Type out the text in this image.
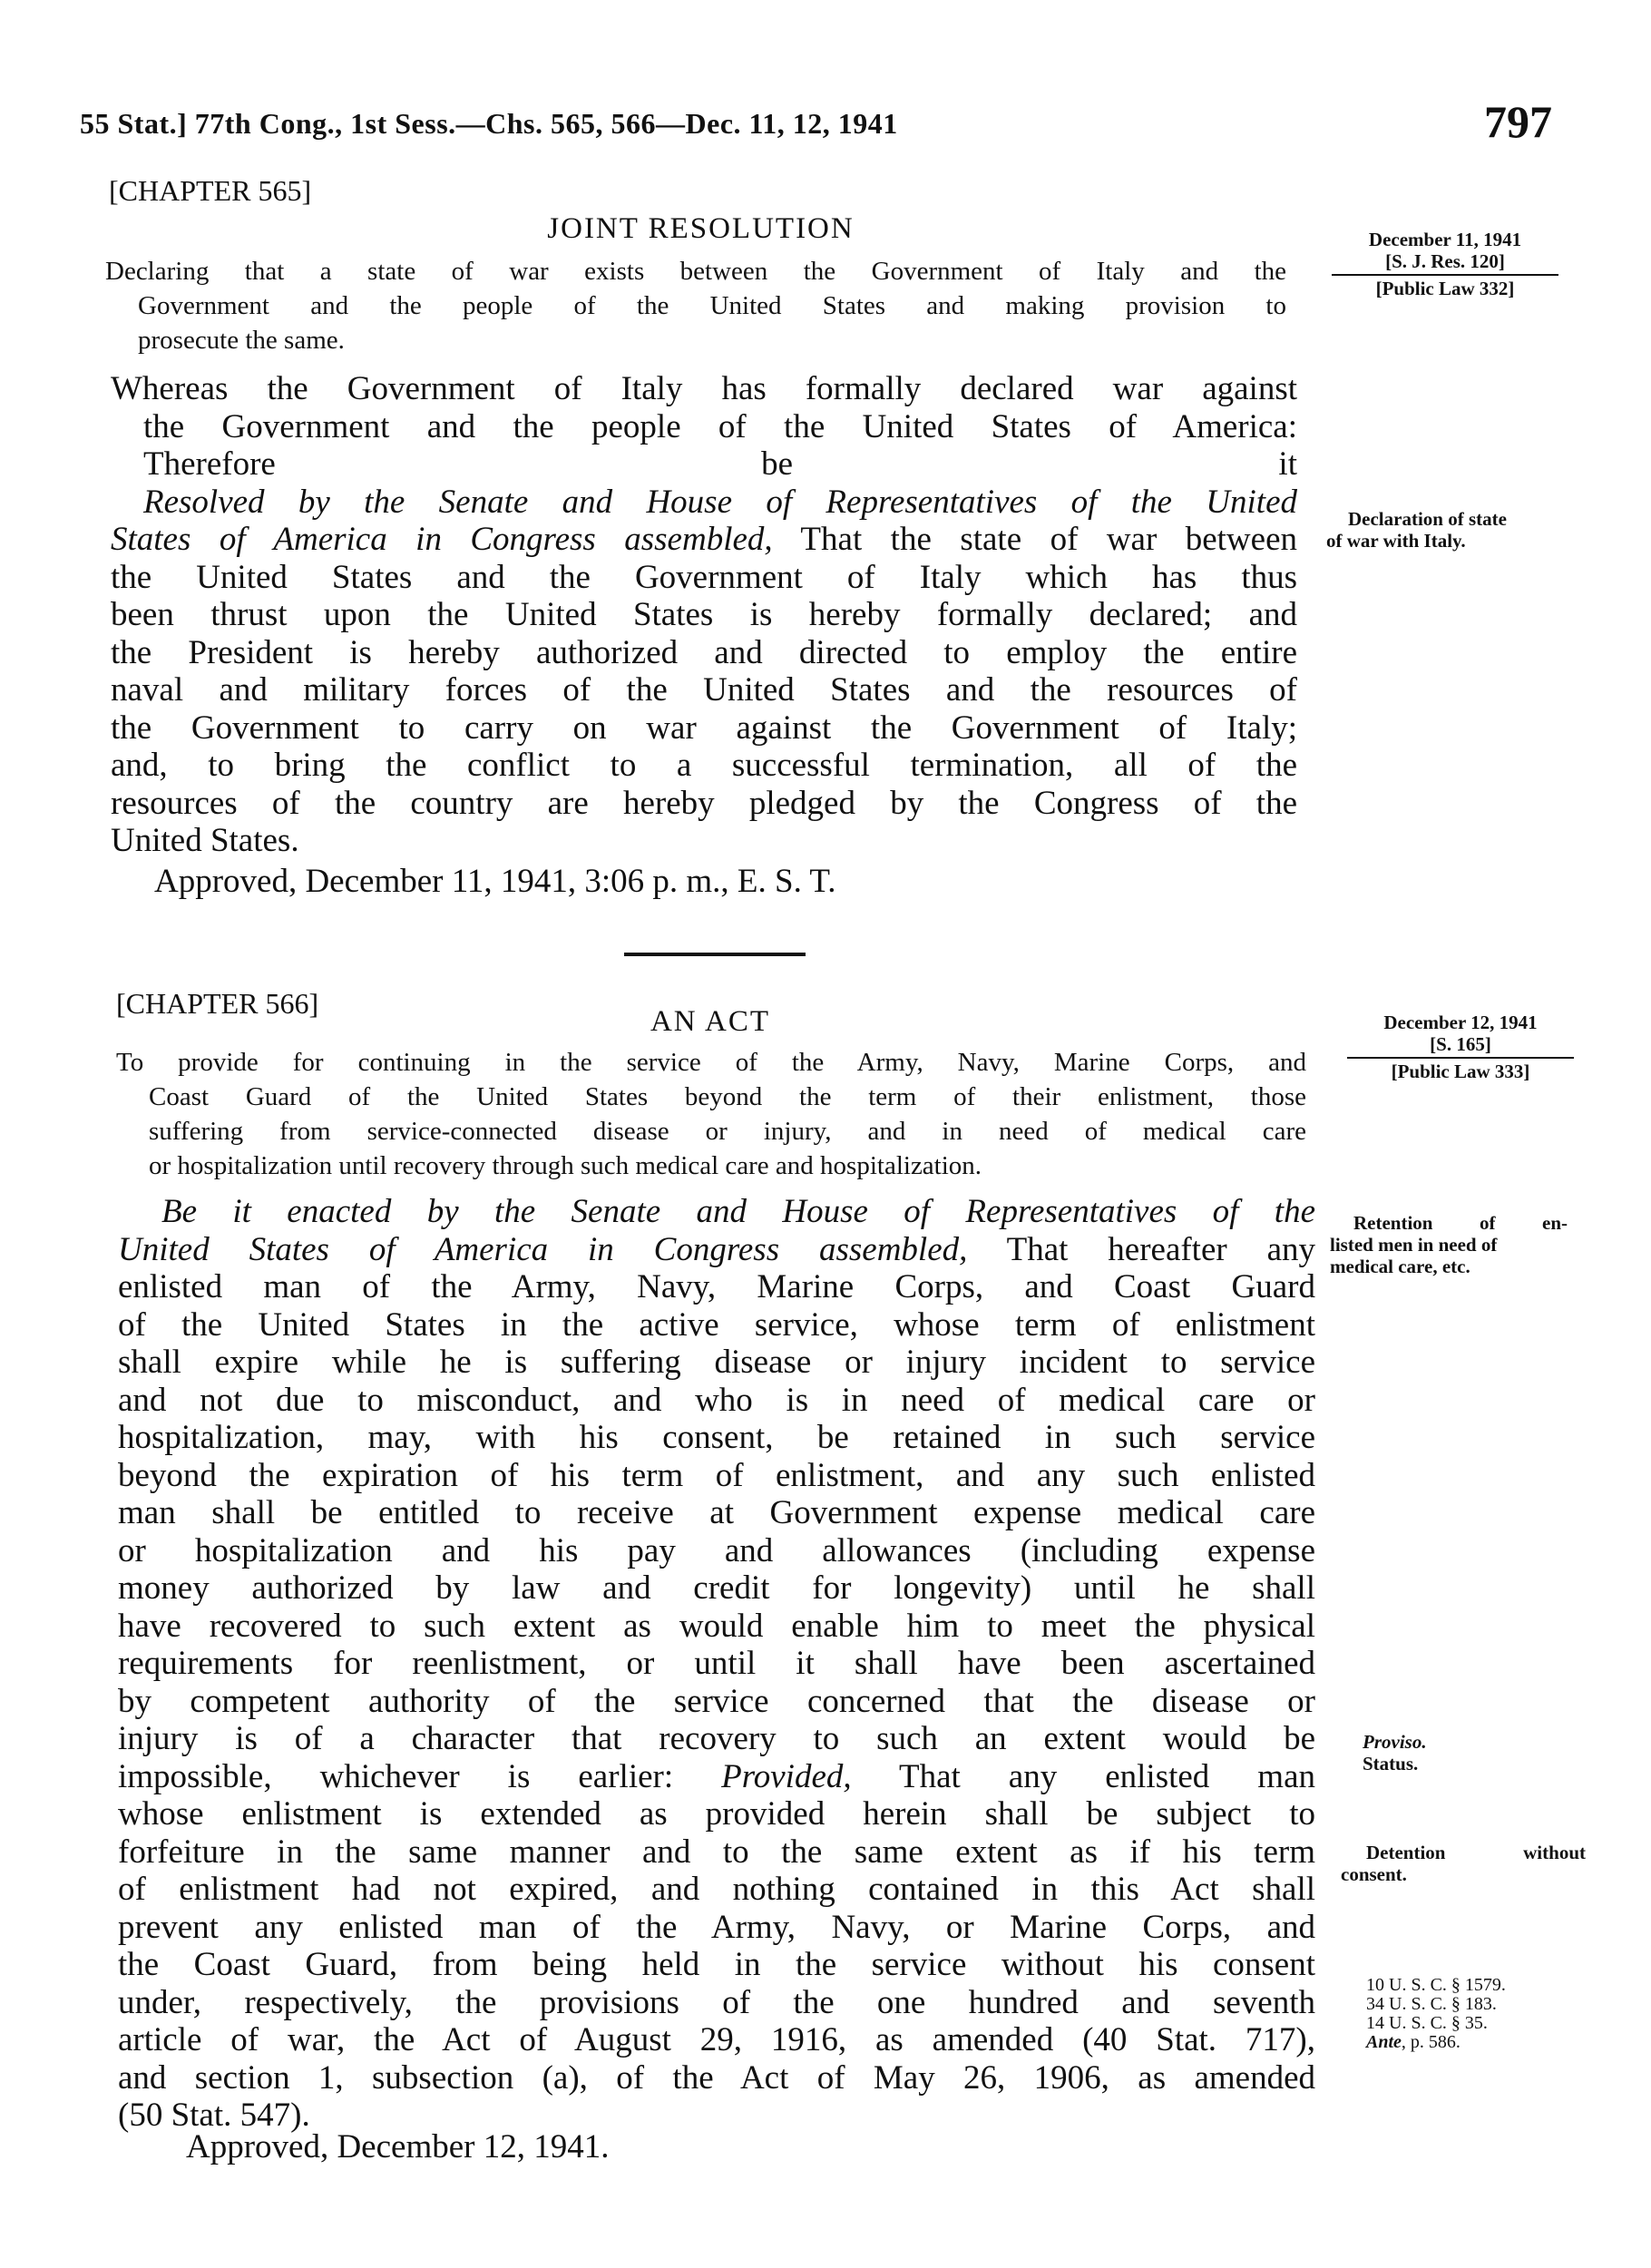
55 Stat.] 77th Cong., 1st Sess.—Chs. 565, 566—Dec. 11, 12, 1941	797
[CHAPTER 565]
JOINT RESOLUTION
Declaring that a state of war exists between the Government of Italy and the
Government and the people of the United States and making provision to
prosecute the same.
Whereas the Government of Italy has formally declared war against
the Government and the people of the United States of America:
Therefore be it
Resolved by the Senate and House of Representatives of the United
States of America in Congress assembled, That the state of war between
the United States and the Government of Italy which has thus
been thrust upon the United States is hereby formally declared; and
the President is hereby authorized and directed to employ the entire
naval and military forces of the United States and the resources of
the Government to carry on war against the Government of Italy;
and, to bring the conflict to a successful termination, all of the
resources of the country are hereby pledged by the Congress of the
United States.
Approved, December 11, 1941, 3:06 p. m., E. S. T.
December 11, 1941
[S. J. Res. 120]
[Public Law 332]
Declaration of state
of war with Italy.
[CHAPTER 566]
AN ACT
To provide for continuing in the service of the Army, Navy, Marine Corps, and
Coast Guard of the United States beyond the term of their enlistment, those
suffering from service-connected disease or injury, and in need of medical care
or hospitalization until recovery through such medical care and hospitalization.
Be it enacted by the Senate and House of Representatives of the
United States of America in Congress assembled, That hereafter any
enlisted man of the Army, Navy, Marine Corps, and Coast Guard
of the United States in the active service, whose term of enlistment
shall expire while he is suffering disease or injury incident to service
and not due to misconduct, and who is in need of medical care or
hospitalization, may, with his consent, be retained in such service
beyond the expiration of his term of enlistment, and any such enlisted
man shall be entitled to receive at Government expense medical care
or hospitalization and his pay and allowances (including expense
money authorized by law and credit for longevity) until he shall
have recovered to such extent as would enable him to meet the physical
requirements for reenlistment, or until it shall have been ascertained
by competent authority of the service concerned that the disease or
injury is of a character that recovery to such an extent would be
impossible, whichever is earlier: Provided, That any enlisted man
whose enlistment is extended as provided herein shall be subject to
forfeiture in the same manner and to the same extent as if his term
of enlistment had not expired, and nothing contained in this Act shall
prevent any enlisted man of the Army, Navy, or Marine Corps, and
the Coast Guard, from being held in the service without his consent
under, respectively, the provisions of the one hundred and seventh
article of war, the Act of August 29, 1916, as amended (40 Stat. 717),
and section 1, subsection (a), of the Act of May 26, 1906, as amended
(50 Stat. 547).
Approved, December 12, 1941.
December 12, 1941
[S. 165]
[Public Law 333]
Retention of en-
listed men in need of
medical care, etc.
Proviso.
Status.
Detention without
consent.
10 U. S. C. § 1579.
34 U. S. C. § 183.
14 U. S. C. § 35.
Ante, p. 586.
